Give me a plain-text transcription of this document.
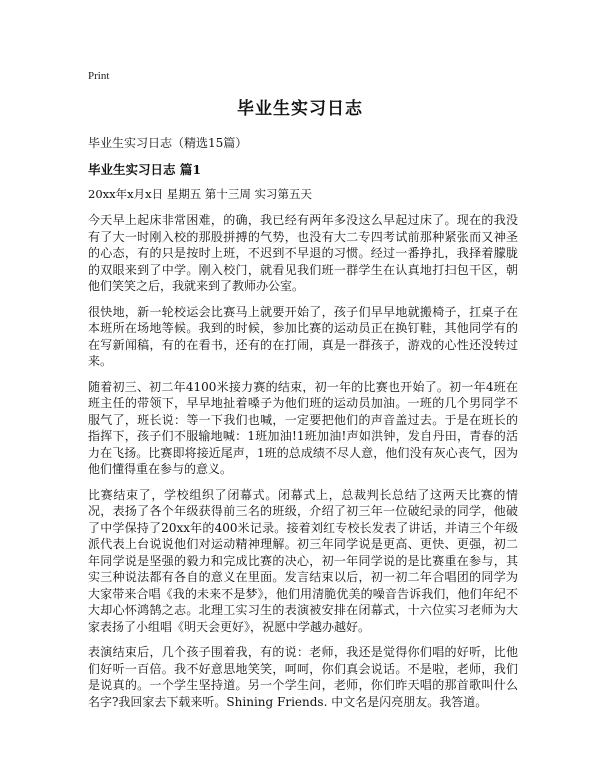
Print
毕业生实习日志
毕业生实习日志（精选15篇）
毕业生实习日志 篇1
20xx年x月x日 星期五 第十三周 实习第五天

今天早上起床非常困难，的确，我已经有两年多没这么早起过床了。现在的我没有了大一时刚入校的那股拼搏的气势，也没有大二专四考试前那种紧张而又神圣的心态，有的只是按时上班，不迟到不早退的习惯。经过一番挣扎，我择着朦胧的双眼来到了中学。刚入校门，就看见我们班一群学生在认真地打扫包干区，朝他们笑笑之后，我就来到了教师办公室。

很快地，新一轮校运会比赛马上就要开始了，孩子们早早地就搬椅子，扛桌子在本班所在场地等候。我到的时候，参加比赛的运动员正在换钉鞋，其他同学有的在写新闻稿，有的在看书，还有的在打闹，真是一群孩子，游戏的心性还没转过来。

随着初三、初二年4100米接力赛的结束，初一年的比赛也开始了。初一年4班在班主任的带领下，早早地扯着嗓子为他们班的运动员加油。一班的几个男同学不服气了，班长说：等一下我们也喊，一定要把他们的声音盖过去。于是在班长的指挥下，孩子们不服输地喊：1班加油!1班加油!声如洪钟，发自丹田，青春的活力在飞扬。比赛即将接近尾声，1班的总成绩不尽人意，他们没有灰心丧气，因为他们懂得重在参与的意义。

比赛结束了，学校组织了闭幕式。闭幕式上，总裁判长总结了这两天比赛的情况，表扬了各个年级获得前三名的班级，介绍了初三年一位破纪录的同学，他破了中学保持了20xx年的400米记录。接着刘红专校长发表了讲话，并请三个年级派代表上台说说他们对运动精神理解。初三年同学说是更高、更快、更强，初二年同学说是坚强的毅力和完成比赛的决心，初一年同学说的是比赛重在参与，其实三种说法都有各自的意义在里面。发言结束以后，初一初二年合唱团的同学为大家带来合唱《我的未来不是梦》，他们用清脆优美的噪音告诉我们，他们年纪不大却心怀鸿鹄之志。北理工实习生的表演被安排在闭幕式，十六位实习老师为大家表扬了小组唱《明天会更好》，祝愿中学越办越好。

表演结束后，几个孩子围着我，有的说：老师，我还是觉得你们唱的好听，比他们好听一百倍。我不好意思地笑笑，呵呵，你们真会说话。不是啦，老师，我们是说真的。一个学生坚持道。另一个学生问，老师，你们昨天唱的那首歌叫什么名字?我回家去下载来听。Shining Friends. 中文名是闪亮朋友。我答道。
